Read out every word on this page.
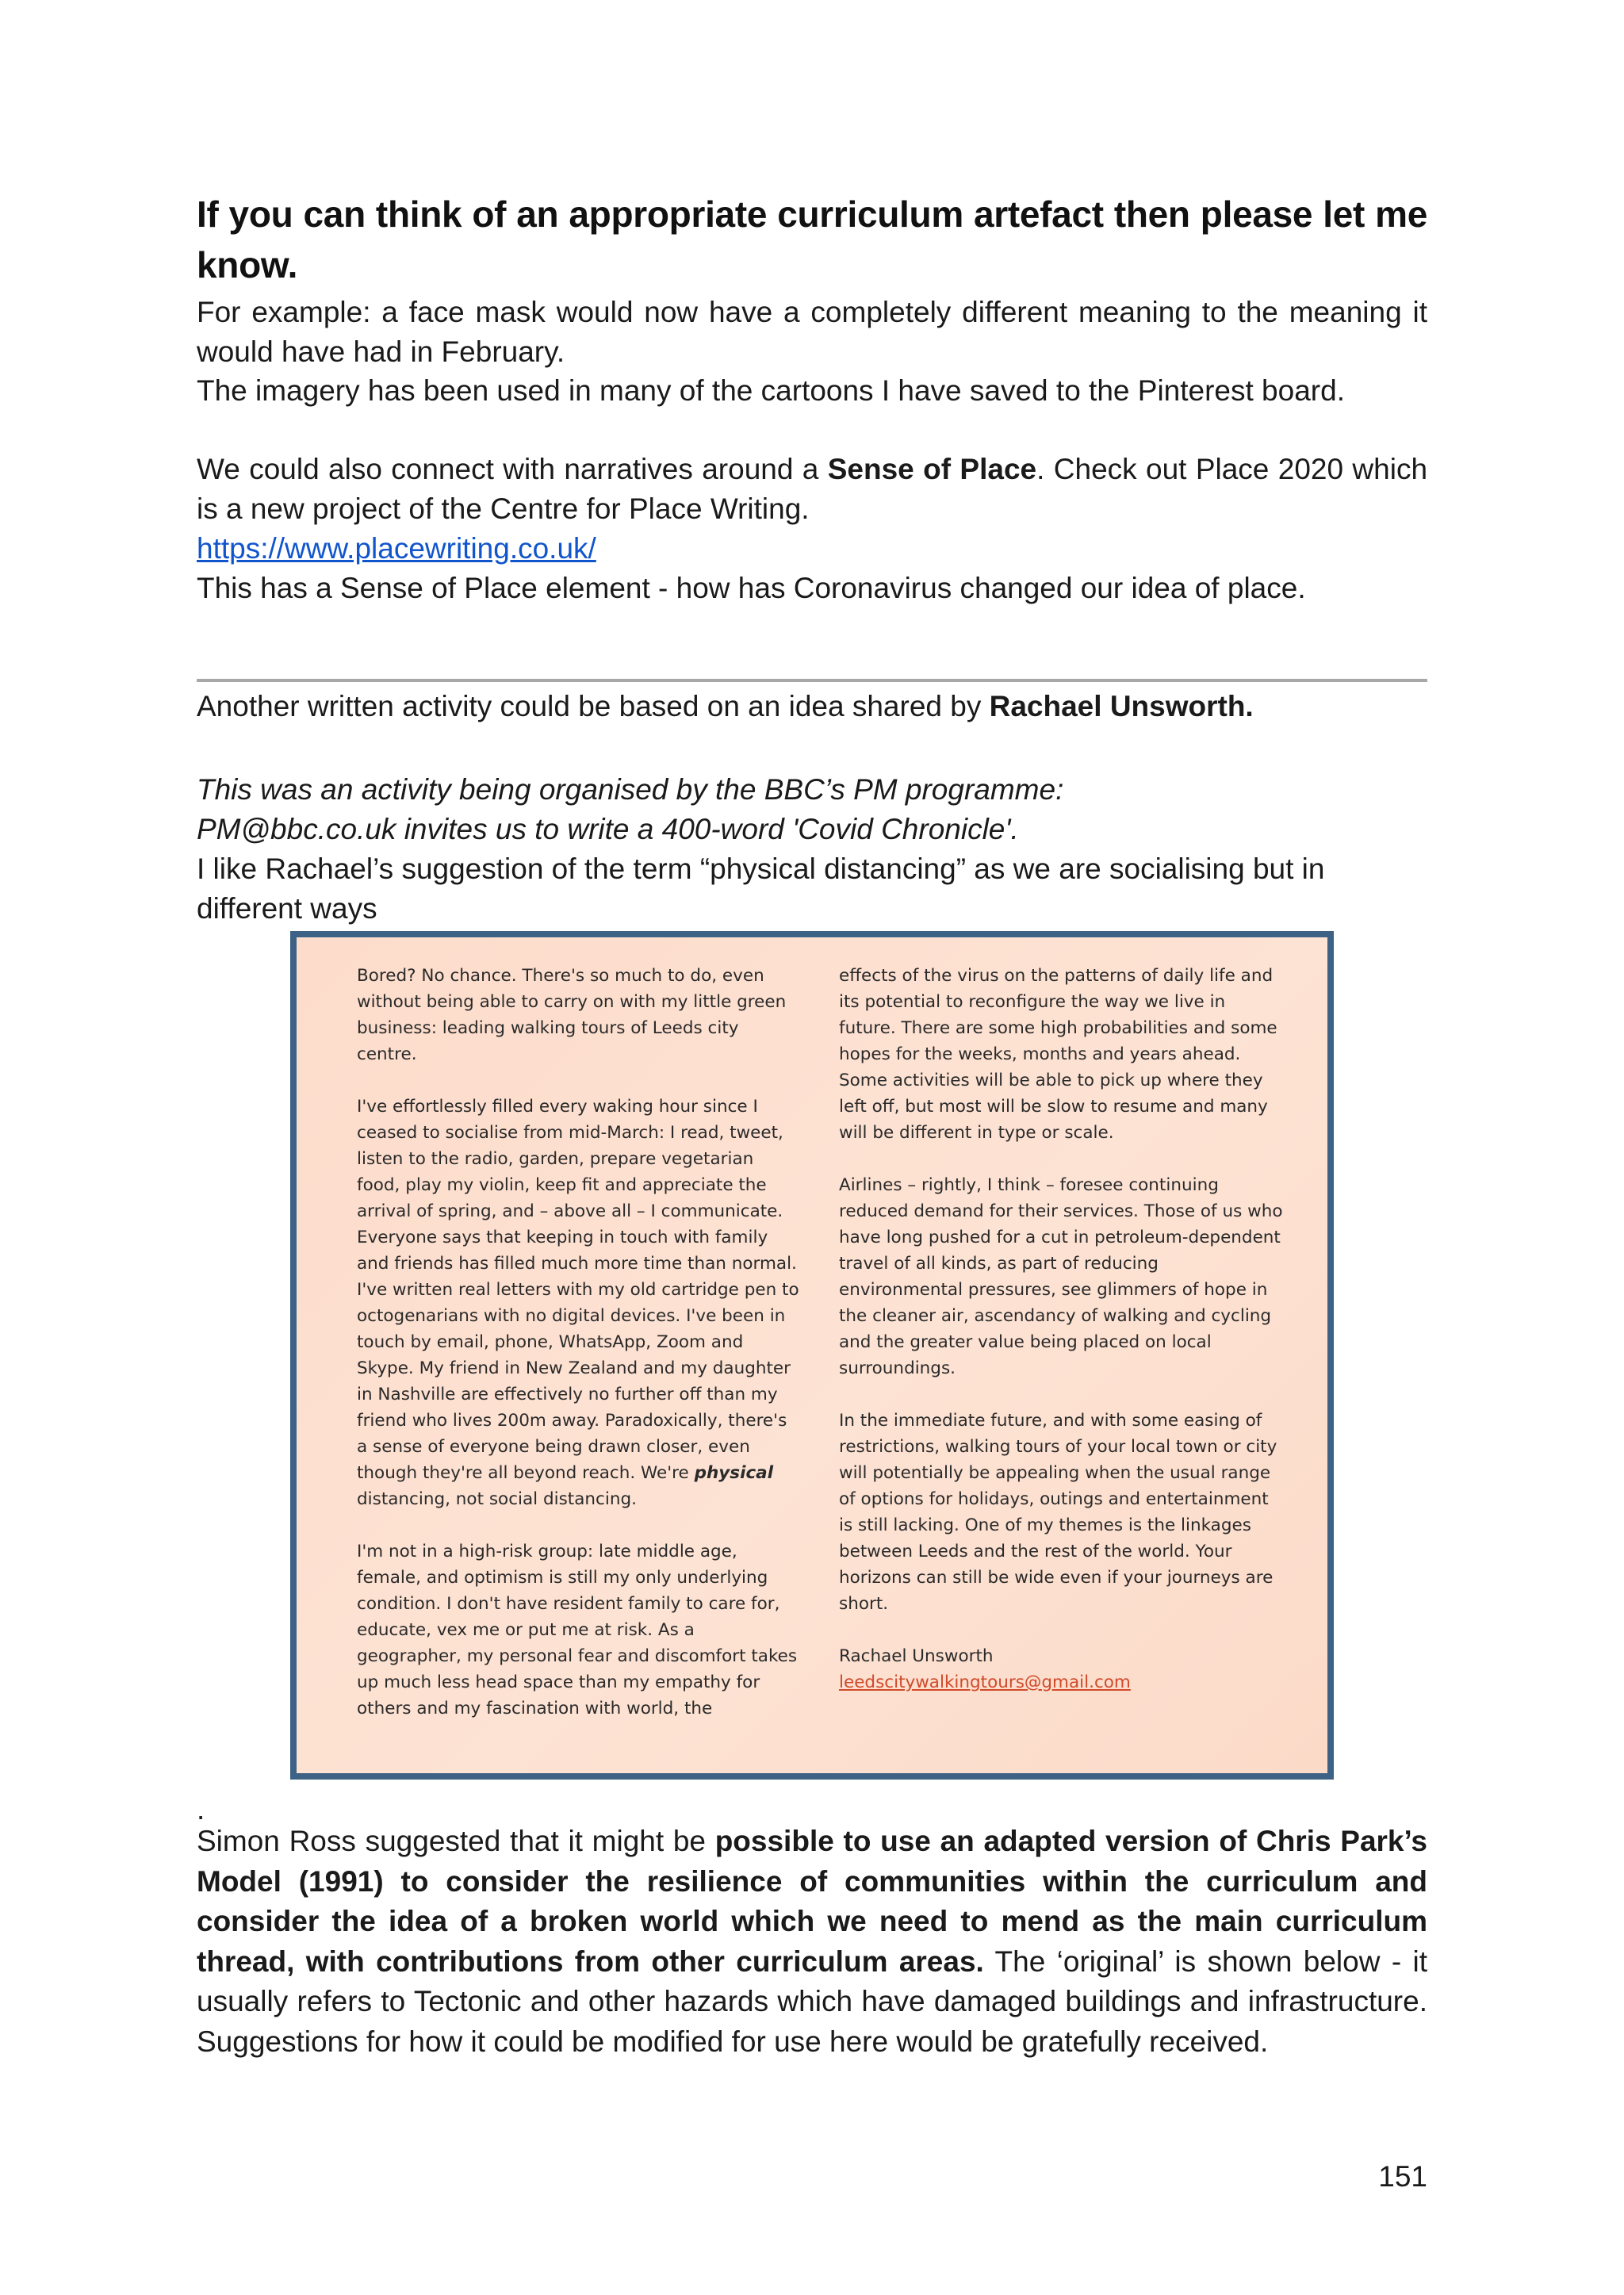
If you can think of an appropriate curriculum artefact then please let me know.
For example: a face mask would now have a completely different meaning to the meaning it would have had in February.
The imagery has been used in many of the cartoons I have saved to the Pinterest board.
We could also connect with narratives around a Sense of Place. Check out Place 2020 which is a new project of the Centre for Place Writing.
https://www.placewriting.co.uk/
This has a Sense of Place element - how has Coronavirus changed our idea of place.
Another written activity could be based on an idea shared by Rachael Unsworth.
This was an activity being organised by the BBC’s PM programme:
PM@bbc.co.uk invites us to write a 400-word 'Covid Chronicle'.
I like Rachael’s suggestion of the term “physical distancing” as we are socialising but in different ways
.
Simon Ross suggested that it might be possible to use an adapted version of Chris Park’s Model (1991) to consider the resilience of communities within the curriculum and consider the idea of a broken world which we need to mend as the main curriculum thread, with contributions from other curriculum areas. The ‘original’ is shown below - it usually refers to Tectonic and other hazards which have damaged buildings and infrastructure. Suggestions for how it could be modified for use here would be gratefully received.
151

Bored? No chance. There's so much to do, even without being able to carry on with my little green business: leading walking tours of Leeds city centre.

I've effortlessly filled every waking hour since I ceased to socialise from mid-March: I read, tweet, listen to the radio, garden, prepare vegetarian food, play my violin, keep fit and appreciate the arrival of spring, and – above all – I communicate. Everyone says that keeping in touch with family and friends has filled much more time than normal. I've written real letters with my old cartridge pen to octogenarians with no digital devices. I've been in touch by email, phone, WhatsApp, Zoom and Skype. My friend in New Zealand and my daughter in Nashville are effectively no further off than my friend who lives 200m away. Paradoxically, there's a sense of everyone being drawn closer, even though they're all beyond reach. We're physical distancing, not social distancing.

I'm not in a high-risk group: late middle age, female, and optimism is still my only underlying condition. I don't have resident family to care for, educate, vex me or put me at risk. As a geographer, my personal fear and discomfort takes up much less head space than my empathy for others and my fascination with world, the

effects of the virus on the patterns of daily life and its potential to reconfigure the way we live in future. There are some high probabilities and some hopes for the weeks, months and years ahead. Some activities will be able to pick up where they left off, but most will be slow to resume and many will be different in type or scale.

Airlines – rightly, I think – foresee continuing reduced demand for their services. Those of us who have long pushed for a cut in petroleum-dependent travel of all kinds, as part of reducing environmental pressures, see glimmers of hope in the cleaner air, ascendancy of walking and cycling and the greater value being placed on local surroundings.

In the immediate future, and with some easing of restrictions, walking tours of your local town or city will potentially be appealing when the usual range of options for holidays, outings and entertainment is still lacking. One of my themes is the linkages between Leeds and the rest of the world. Your horizons can still be wide even if your journeys are short.

Rachael Unsworth
leedscitywalkingtours@gmail.com
